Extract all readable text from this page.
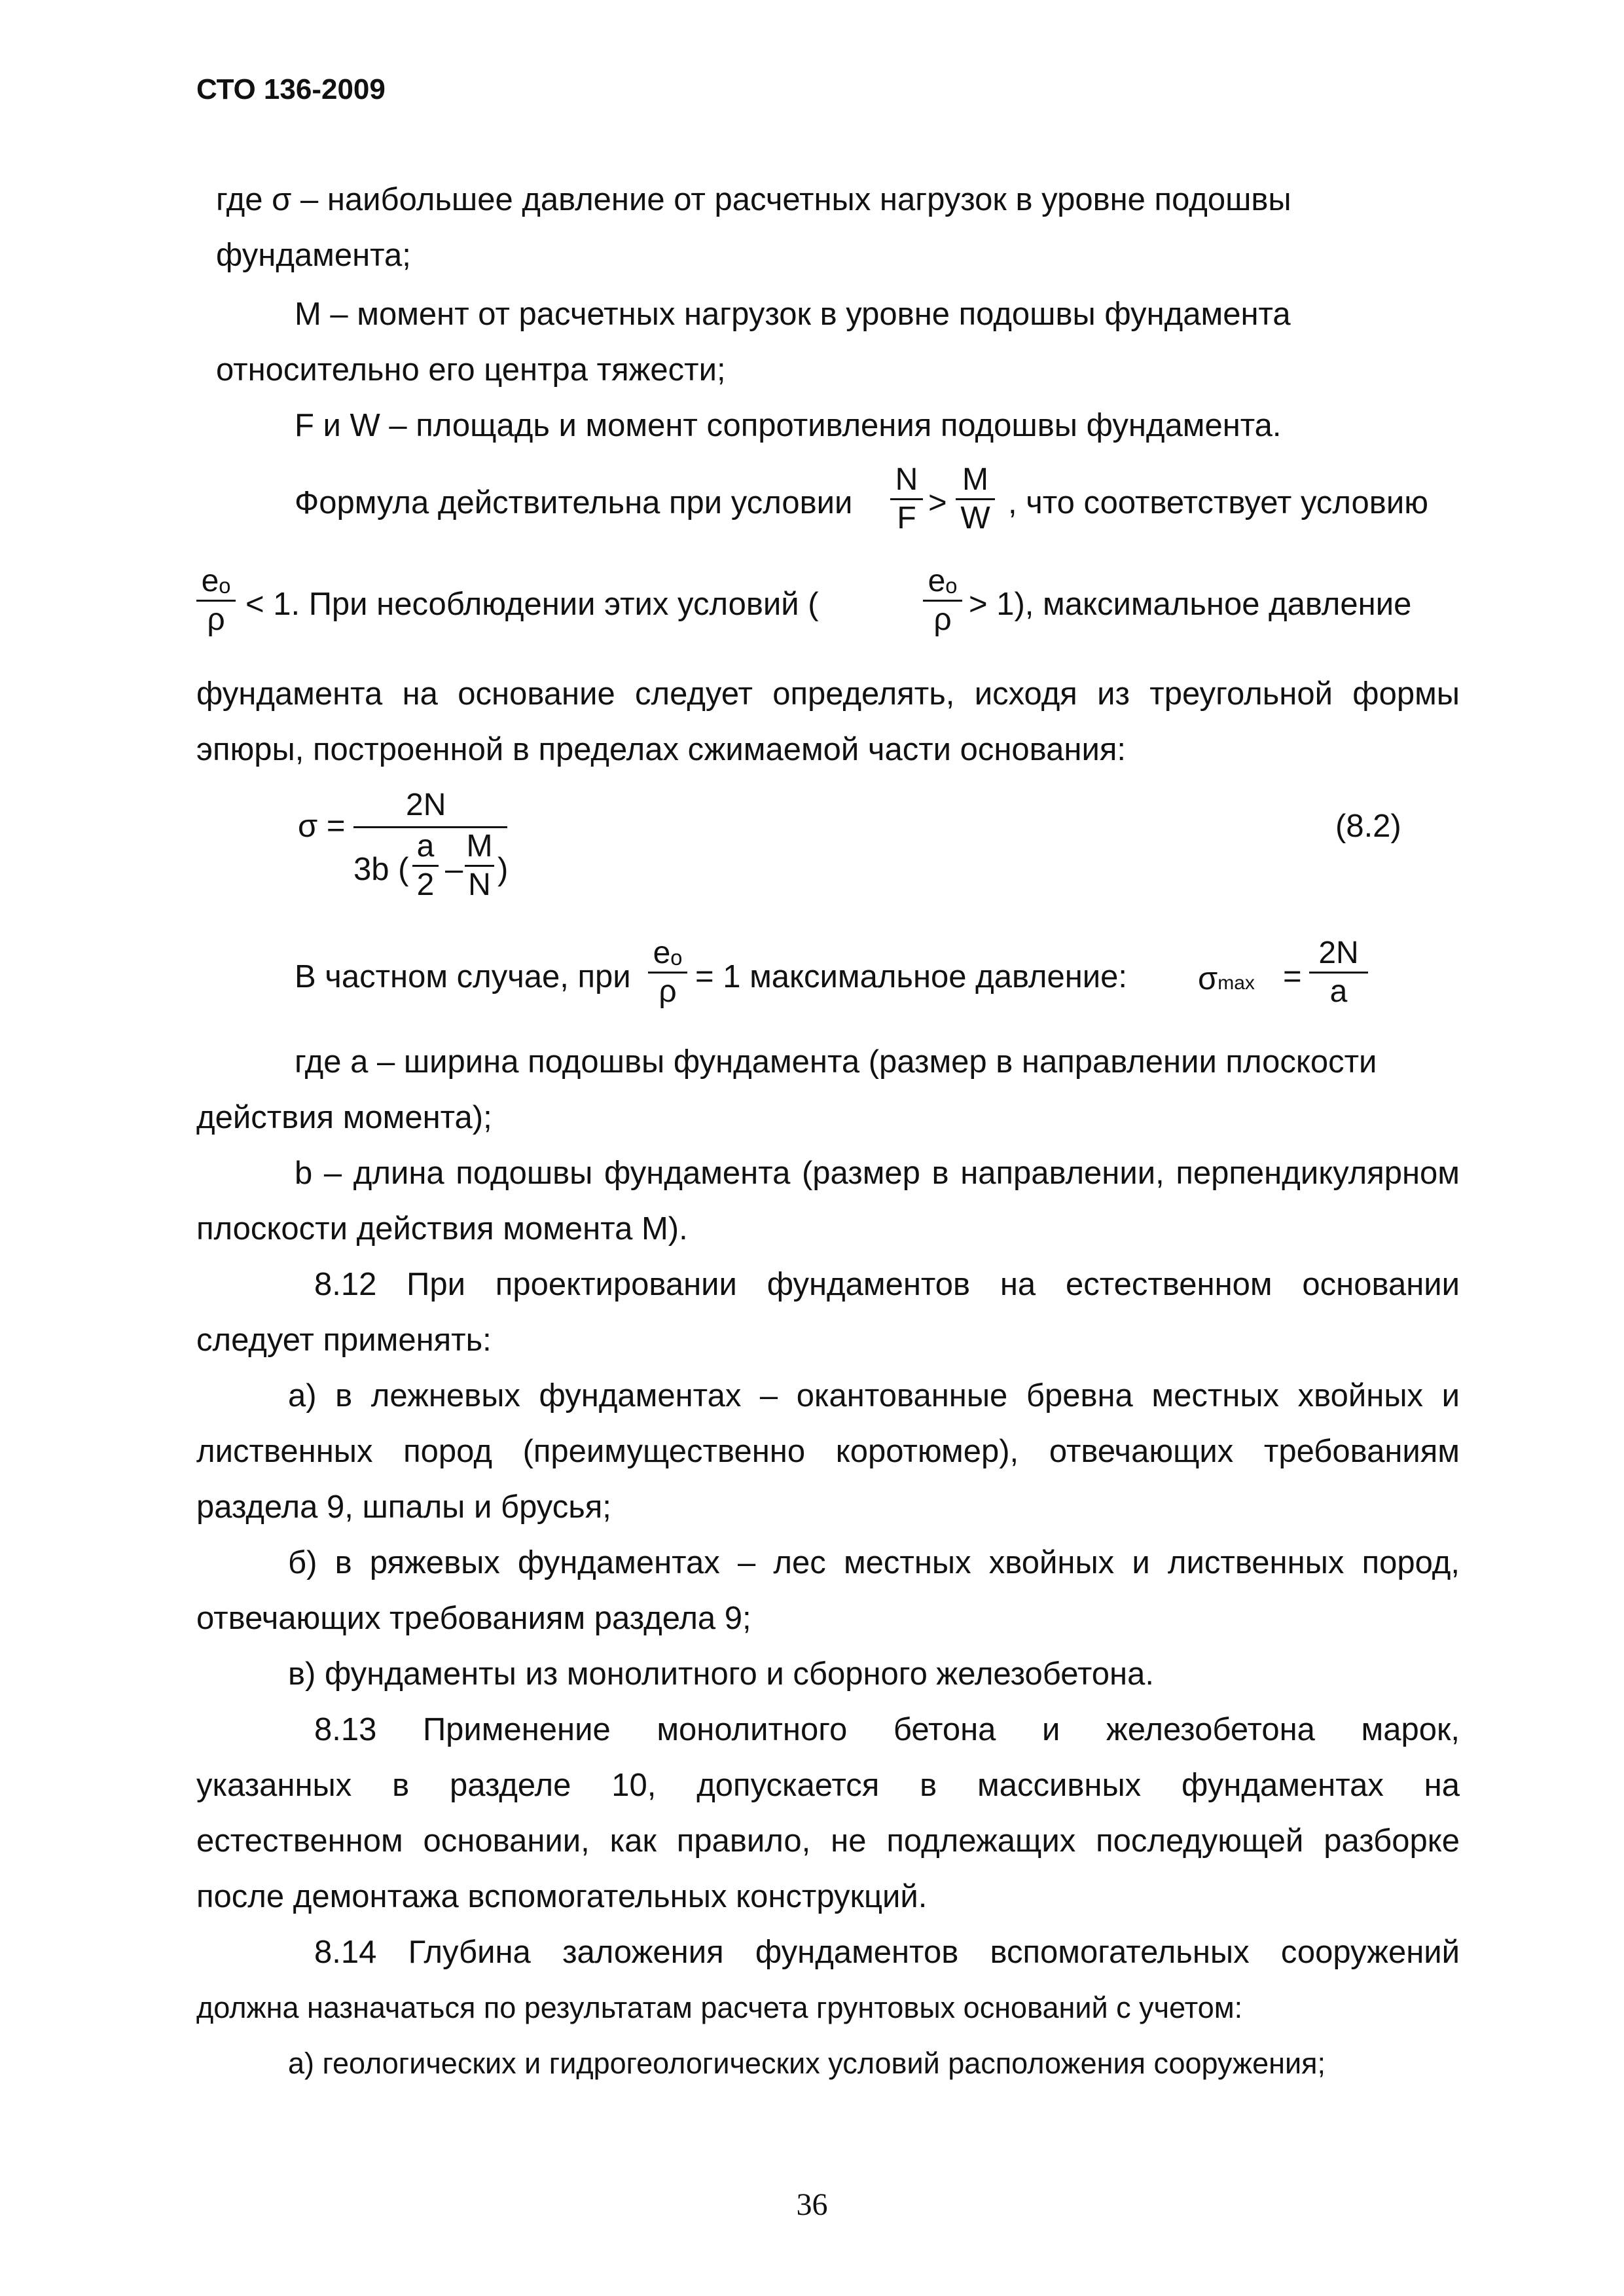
СТО 136-2009
где σ – наибольшее давление от расчетных нагрузок в уровне подошвы
фундамента;
М – момент от расчетных нагрузок в уровне подошвы фундамента
относительно его центра тяжести;
F и W – площадь и момент сопротивления подошвы фундамента.
Формула действительна при условии
N
F >
M
W , что соответствует условию
eₒ
ρ < 1. При несоблюдении этих условий (
eₒ
ρ > 1), максимальное давление
фундамента на основание следует определять, исходя из треугольной формы
эпюры, построенной в пределах сжимаемой части основания:
σ =
2N
3b (
a
2 –
M
N )
(8.2)
В частном случае, при
eₒ
ρ = 1 максимальное давление: σmax =
2N
a
где а – ширина подошвы фундамента (размер в направлении плоскости
действия момента);
b – длина подошвы фундамента (размер в направлении, перпендикулярном
плоскости действия момента М).
8.12 При проектировании фундаментов на естественном основании
следует применять:
а) в лежневых фундаментах – окантованные бревна местных хвойных и
лиственных пород (преимущественно коротюмер), отвечающих требованиям
раздела 9, шпалы и брусья;
б) в ряжевых фундаментах – лес местных хвойных и лиственных пород,
отвечающих требованиям раздела 9;
в) фундаменты из монолитного и сборного железобетона.
8.13 Применение монолитного бетона и железобетона марок,
указанных в разделе 10, допускается в массивных фундаментах на
естественном основании, как правило, не подлежащих последующей разборке
после демонтажа вспомогательных конструкций.
8.14 Глубина заложения фундаментов вспомогательных сооружений
должна назначаться по результатам расчета грунтовых оснований с учетом:
а) геологических и гидрогеологических условий расположения сооружения;
36
